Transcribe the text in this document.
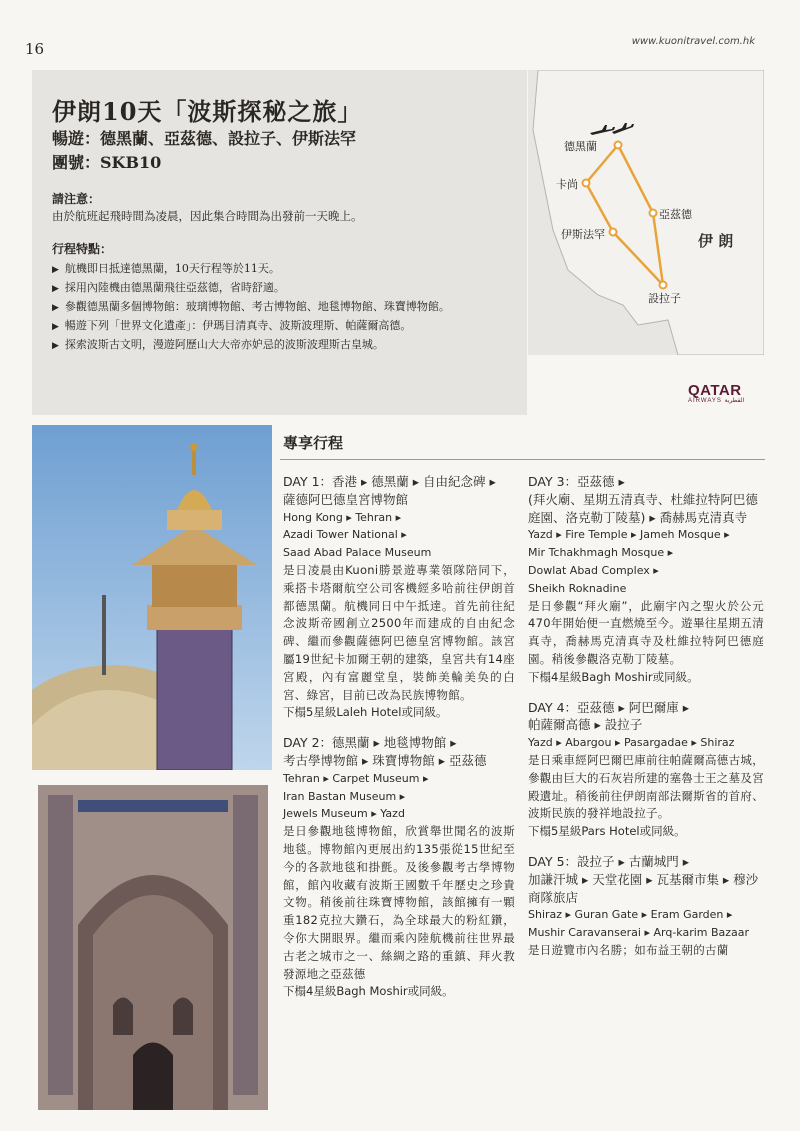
16	www.kuonitravel.com.hk
伊朗10天「波斯探秘之旅」
暢遊：德黑蘭、亞茲德、設拉子、伊斯法罕
團號：SKB10
請注意：
由於航班起飛時間為凌晨，因此集合時間為出發前一天晚上。
行程特點：
▶ 航機即日抵達德黑蘭，10天行程等於11天。
▶ 採用內陸機由德黑蘭飛往亞茲德，省時舒適。
▶ 參觀德黑蘭多個博物館：玻璃博物館、考古博物館、地毯博物館、珠寶博物館。
▶ 暢遊下列「世界文化遺產」：伊瑪目清真寺、波斯波理斯、帕薩爾高德。
▶ 探索波斯古文明，漫遊阿歷山大大帝亦妒忌的波斯波理斯古皇城。
德黑蘭
卡尚
亞茲德
伊斯法罕
設拉子
伊 朗
QATAR
AIRWAYS القطرية
專享行程
DAY 1：香港 ▸ 德黑蘭 ▸ 自由紀念碑 ▸
薩德阿巴德皇宮博物館
Hong Kong ▸ Tehran ▸
Azadi Tower National ▸
Saad Abad Palace Museum
是日凌晨由Kuoni勝景遊專業領隊陪同下，乘搭卡塔爾航空公司客機經多哈前往伊朗首都德黑蘭。航機同日中午抵達。首先前往紀念波斯帝國創立2500年而建成的自由紀念碑、繼而參觀薩德阿巴德皇宮博物館。該宮屬19世紀卡加爾王朝的建築，皇宮共有14座宮殿，內有富麗堂皇，裝飾美輪美奂的白宮、綠宮，目前已改為民族博物館。
下榻5星級Laleh Hotel或同級。
DAY 2：德黑蘭 ▸ 地毯博物館 ▸
考古學博物館 ▸ 珠寶博物館 ▸ 亞茲德
Tehran ▸ Carpet Museum ▸
Iran Bastan Museum ▸
Jewels Museum ▸ Yazd
是日參觀地毯博物館，欣賞舉世聞名的波斯地毯。博物館內更展出約135張從15世紀至今的各款地毯和掛氈。及後參觀考古學博物館，館內收藏有波斯王國數千年歷史之珍貴文物。稍後前往珠寶博物館，該館擁有一顆重182克拉大鑽石，為全球最大的粉紅鑽，令你大開眼界。繼而乘內陸航機前往世界最古老之城市之一、絲綢之路的重鎮、拜火教發源地之亞茲德
下榻4星級Bagh Moshir或同級。
DAY 3：亞茲德 ▸
(拜火廟、星期五清真寺、杜維拉特阿巴德庭園、洛克勒丁陵墓) ▸ 喬赫馬克清真寺
Yazd ▸ Fire Temple ▸ Jameh Mosque ▸
Mir Tchakhmagh Mosque ▸
Dowlat Abad Complex ▸
Sheikh Roknadine
是日參觀“拜火廟”，此廟宇內之聖火於公元470年開始便一直燃燒至今。遊畢往星期五清真寺，喬赫馬克清真寺及杜維拉特阿巴德庭園。稍後參觀洛克勒丁陵墓。
下榻4星級Bagh Moshir或同級。
DAY 4：亞茲德 ▸ 阿巴爾庫 ▸
帕薩爾高德 ▸ 設拉子
Yazd ▸ Abargou ▸ Pasargadae ▸ Shiraz
是日乘車經阿巴爾巴庫前往帕薩爾高德古城，參觀由巨大的石灰岩所建的塞魯士王之墓及宮殿遺址。稍後前往伊朗南部法爾斯省的首府、波斯民族的發祥地設拉子。
下榻5星級Pars Hotel或同級。
DAY 5：設拉子 ▸ 古蘭城門 ▸
加謙汗城 ▸ 天堂花園 ▸ 瓦基爾市集 ▸ 穆沙商隊旅店
Shiraz ▸ Guran Gate ▸ Eram Garden ▸
Mushir Caravanserai ▸ Arq-karim Bazaar
是日遊覽市內名勝；如布益王朝的古蘭
